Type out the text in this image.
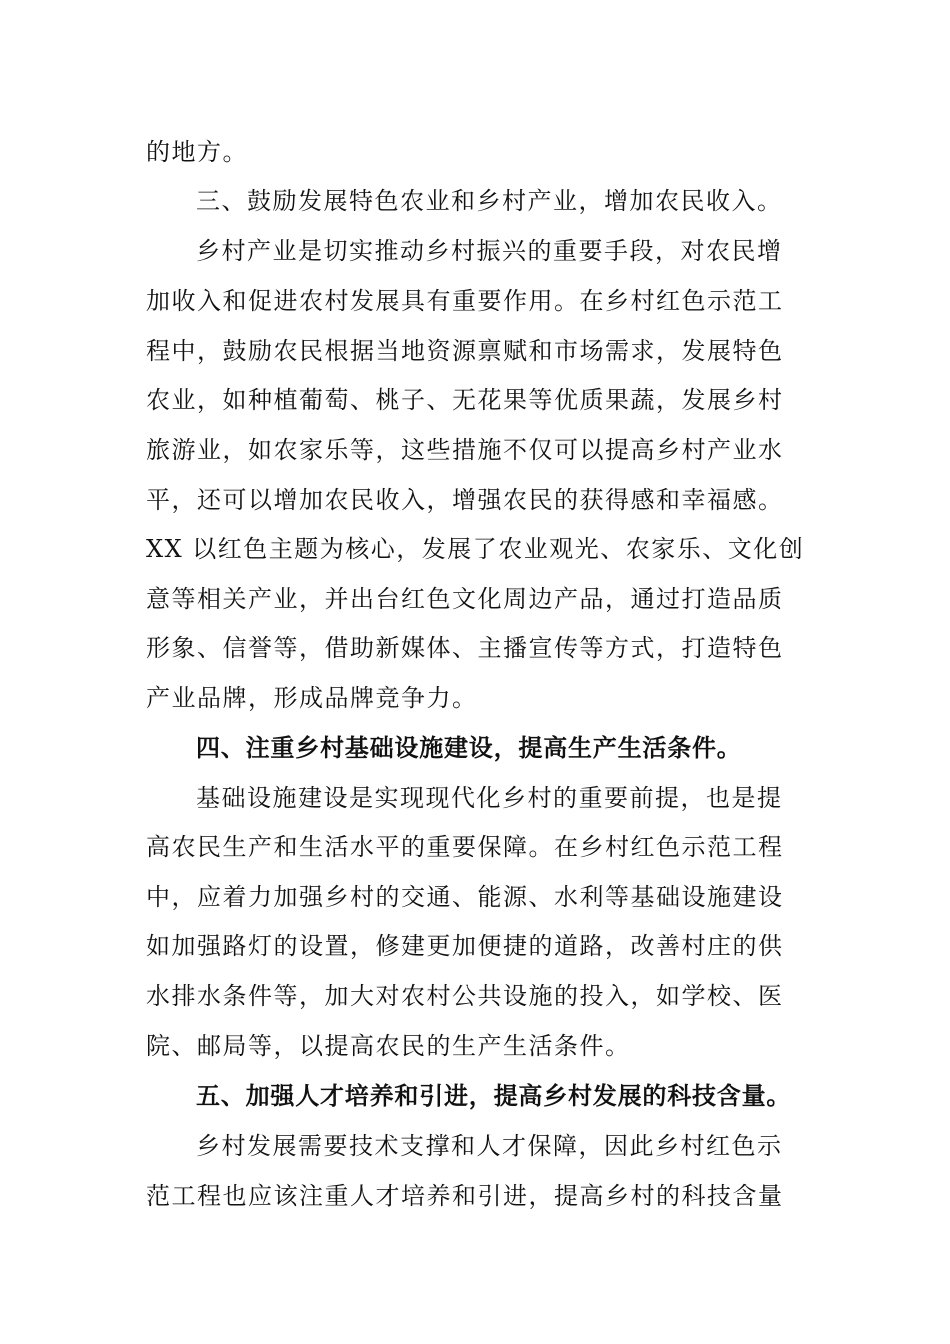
的地方。
三、鼓励发展特色农业和乡村产业，增加农民收入。
乡村产业是切实推动乡村振兴的重要手段，对农民增
加收入和促进农村发展具有重要作用。在乡村红色示范工
程中，鼓励农民根据当地资源禀赋和市场需求，发展特色
农业，如种植葡萄、桃子、无花果等优质果蔬，发展乡村
旅游业，如农家乐等，这些措施不仅可以提高乡村产业水
平，还可以增加农民收入，增强农民的获得感和幸福感。
XX 以红色主题为核心，发展了农业观光、农家乐、文化创
意等相关产业，并出台红色文化周边产品，通过打造品质
形象、信誉等，借助新媒体、主播宣传等方式，打造特色
产业品牌，形成品牌竞争力。
四、注重乡村基础设施建设，提高生产生活条件。
基础设施建设是实现现代化乡村的重要前提，也是提
高农民生产和生活水平的重要保障。在乡村红色示范工程
中，应着力加强乡村的交通、能源、水利等基础设施建设
如加强路灯的设置，修建更加便捷的道路，改善村庄的供
水排水条件等，加大对农村公共设施的投入，如学校、医
院、邮局等，以提高农民的生产生活条件。
五、加强人才培养和引进，提高乡村发展的科技含量。
乡村发展需要技术支撑和人才保障，因此乡村红色示
范工程也应该注重人才培养和引进，提高乡村的科技含量
